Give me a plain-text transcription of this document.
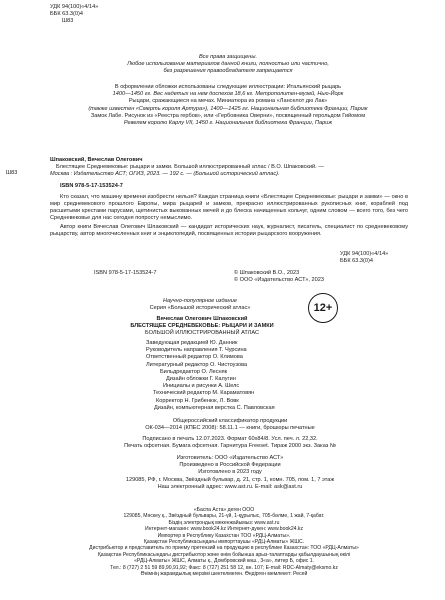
УДК 94(100)«4/14»
ББК 63.3(0)4
Ш83
Все права защищены.
Любое использование материалов данной книги, полностью или частично,
без разрешения правообладателя запрещается
В оформлении обложки использованы следующие иллюстрации: Итальянский рыцарь
1400—1450 гг. Вес надетых на нем доспехов 18,6 кг. Метрополитен-музей, Нью-Йорк
Рыцари, сражающиеся на мечах. Миниатюра из романа «Ланселот дю Лак»
(также известен «Смерть короля Артура»), 1400—1425 гг. Национальная библиотека Франции, Париж
Замок Лабе. Рисунок из «Реестра гербов», или «Гербовника Оверни», посвященный герольдом Гийомом
Ревелем королю Карлу VII, 1450 г. Национальная библиотека Франции, Париж
Ш83
Шпаковский, Вячеслав Олегович
Блестящее Средневековье: рыцари и замки. Большой иллюстрированный атлас / В.О. Шпаковский. —
Москва : Издательство АСТ; ОГИЗ, 2023. — 192 с. — (Большой исторический атлас).
ISBN 978-5-17-153524-7
Кто сказал, что машину времени изобрести нельзя? Каждая страница книги «Блестящее Средневековье: рыцари и замки» — окно в мир средневекового прошлого Европы, мира рыцарей и замков, прекрасно иллюстрированных рукописных книг, кораблей под расшитыми крестами парусами, щетинистых выкованных мечей и до блеска начищенных кольчуг, одним словом — всего того, без чего Средневековье для нас сегодня попросту немыслимо.
Автор книги Вячеслав Олегович Шпаковский — кандидат исторических наук, журналист, писатель, специалист по средневековому рыцарству, автор многочисленных книг и энциклопедий, посвященных истории рыцарского вооружения.
УДК 94(100)«4/14»
ББК 63.3(0)4
ISBN 978-5-17-153524-7	© Шпаковский В.О., 2023
© ООО «Издательство АСТ», 2023
Научно-популярное издание
Серия «Большой исторический атлас»	12+
Вячеслав Олегович Шпаковский
БЛЕСТЯЩЕЕ СРЕДНЕВЕКОВЬЕ: РЫЦАРИ И ЗАМКИ
БОЛЬШОЙ ИЛЛЮСТРИРОВАННЫЙ АТЛАС
Заведующая редакцией Ю. Данник
Руководитель направления Т. Чурсина
Ответственный редактор О. Климова
Литературный редактор О. Чистоузова
Бильдредактор О. Лесняк
Дизайн обложки Г. Калугин
Инициалы и рисунки А. Шелс
Технический редактор М. Караматовян
Корректор Н. Грибенюк, Л. Вовк
Дизайн, компьютерная верстка С. Павловская
Общероссийский классификатор продукции
ОК-034—2014 (КПЕС 2008): 58.11.1 — книги, брошюры печатные
Подписано в печать 12.07.2023. Формат 60х84/8. Усл. печ. л. 22,32.
Печать офсетная. Бумага офсетная. Гарнитура Freeset. Тираж 2000 экз. Заказ №
Изготовитель: ООО «Издательство АСТ»
Произведено в Российской Федерации
Изготовлено в 2023 году
129085, РФ, г. Москва, Звёздный бульвар, д. 21, стр. 1, комн. 705, пом. 1, 7 этаж
Наш электронный адрес: www.ast.ru. E-mail: ask@ast.ru
«Баспа Аста» деген ООО
129085, Мәскеу қ., Звёздный бульвары, 21-үй, 1-құрылыс, 705-бөлме, 1 жай, 7-қабат.
Біздің электрондық мекенжайымыз: www.ast.ru
Интернет-магазин: www.book24.kz Интернет-дүкен: www.book24.kz
Импортер в Республику Казахстан ТОО «РДЦ-Алматы».
Қазақстан Республикасындағы импорттаушы «РДЦ-Алматы» ЖШС.
Дистрибьютор и представитель по приему претензий на продукцию в республике Казахстан: ТОО «РДЦ-Алматы»
Қазақстан Республикасындағы дистрибьютор және өнім бойынша арыз-талаптарды қабылдаушының өкілі
«РДЦ-Алматы» ЖШС, Алматы қ., Домбровский көш., 3«а», литер Б, офис 1.
Тел.: 8 (727) 2 51 59 89,90,91,92; Факс: 8 (727) 251 58 12, вн. 107; E-mail: RDC-Almaty@eksmo.kz
Өнімнің жарамдылық мерзімі шектелмеген. Өндірген мемлекет: Ресей
